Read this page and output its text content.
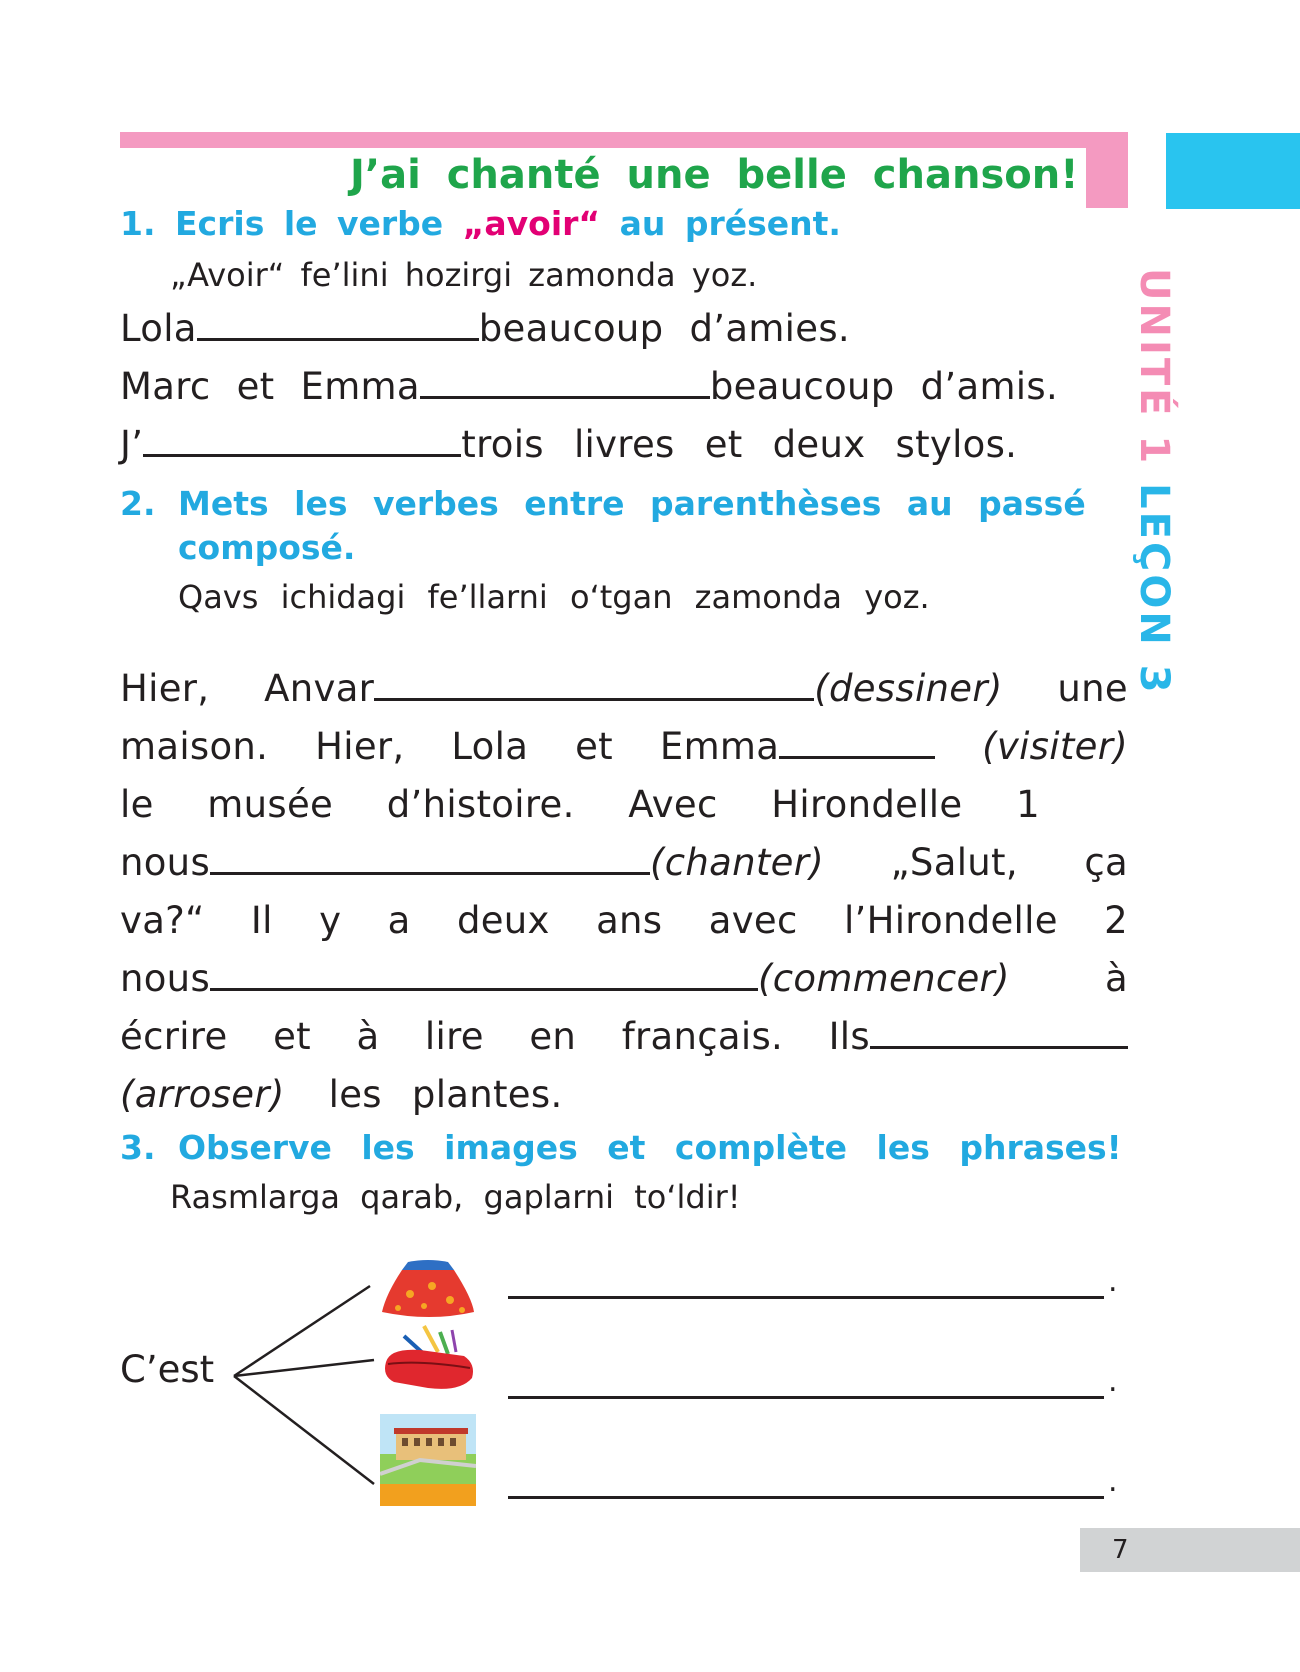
UNITÉ 1 LEÇON 3
J’ai chanté une belle chanson!
1. Ecris le verbe „avoir“ au présent.
„Avoir“ fe’lini hozirgi zamonda yoz.
Lola	beaucoup d’amies.
Marc et Emma	beaucoup d’amis.
J’	trois livres et deux stylos.
2. Mets les verbes entre parenthèses au passé
composé.
Qavs ichidagi fe’llarni o‘tgan zamonda yoz.
Hier, Anvar	(dessiner) une
maison. Hier, Lola et Emma	(visiter)
le musée d’histoire. Avec Hirondelle 1
nous	(chanter) „Salut, ça
va?“ Il y a deux ans avec l’Hirondelle 2
nous	(commencer)	à
écrire et à lire en français. Ils
(arroser) les plantes.
3. Observe les images et complète les phrases!
Rasmlarga qarab, gaplarni to‘ldir!
C’est
.
.
.
7
